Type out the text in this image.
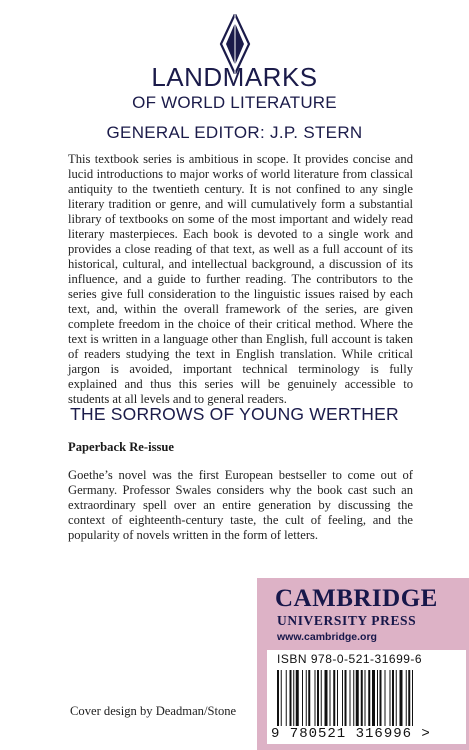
LANDMARKS

OF WORLD LITERATURE

GENERAL EDITOR: J.P. STERN

This textbook series is ambitious in scope. It provides concise and lucid introductions to major works of world literature from classical antiquity to the twentieth century. It is not confined to any single literary tradition or genre, and will cumulatively form a substantial library of textbooks on some of the most important and widely read literary masterpieces. Each book is devoted to a single work and provides a close reading of that text, as well as a full account of its historical, cultural, and intellectual background, a discussion of its influence, and a guide to further reading. The contributors to the series give full consideration to the linguistic issues raised by each text, and, within the overall framework of the series, are given complete freedom in the choice of their critical method. Where the text is written in a language other than English, full account is taken of readers studying the text in English translation. While critical jargon is avoided, important technical terminology is fully explained and thus this series will be genuinely accessible to students at all levels and to general readers.

THE SORROWS OF YOUNG WERTHER

Paperback Re-issue

Goethe’s novel was the first European bestseller to come out of Germany. Professor Swales considers why the book cast such an extraordinary spell over an entire generation by discussing the context of eighteenth-century taste, the cult of feeling, and the popularity of novels written in the form of letters.

CAMBRIDGE

UNIVERSITY PRESS

www.cambridge.org

ISBN 978-0-521-31699-6

9 780521 316996 >

Cover design by Deadman/Stone
